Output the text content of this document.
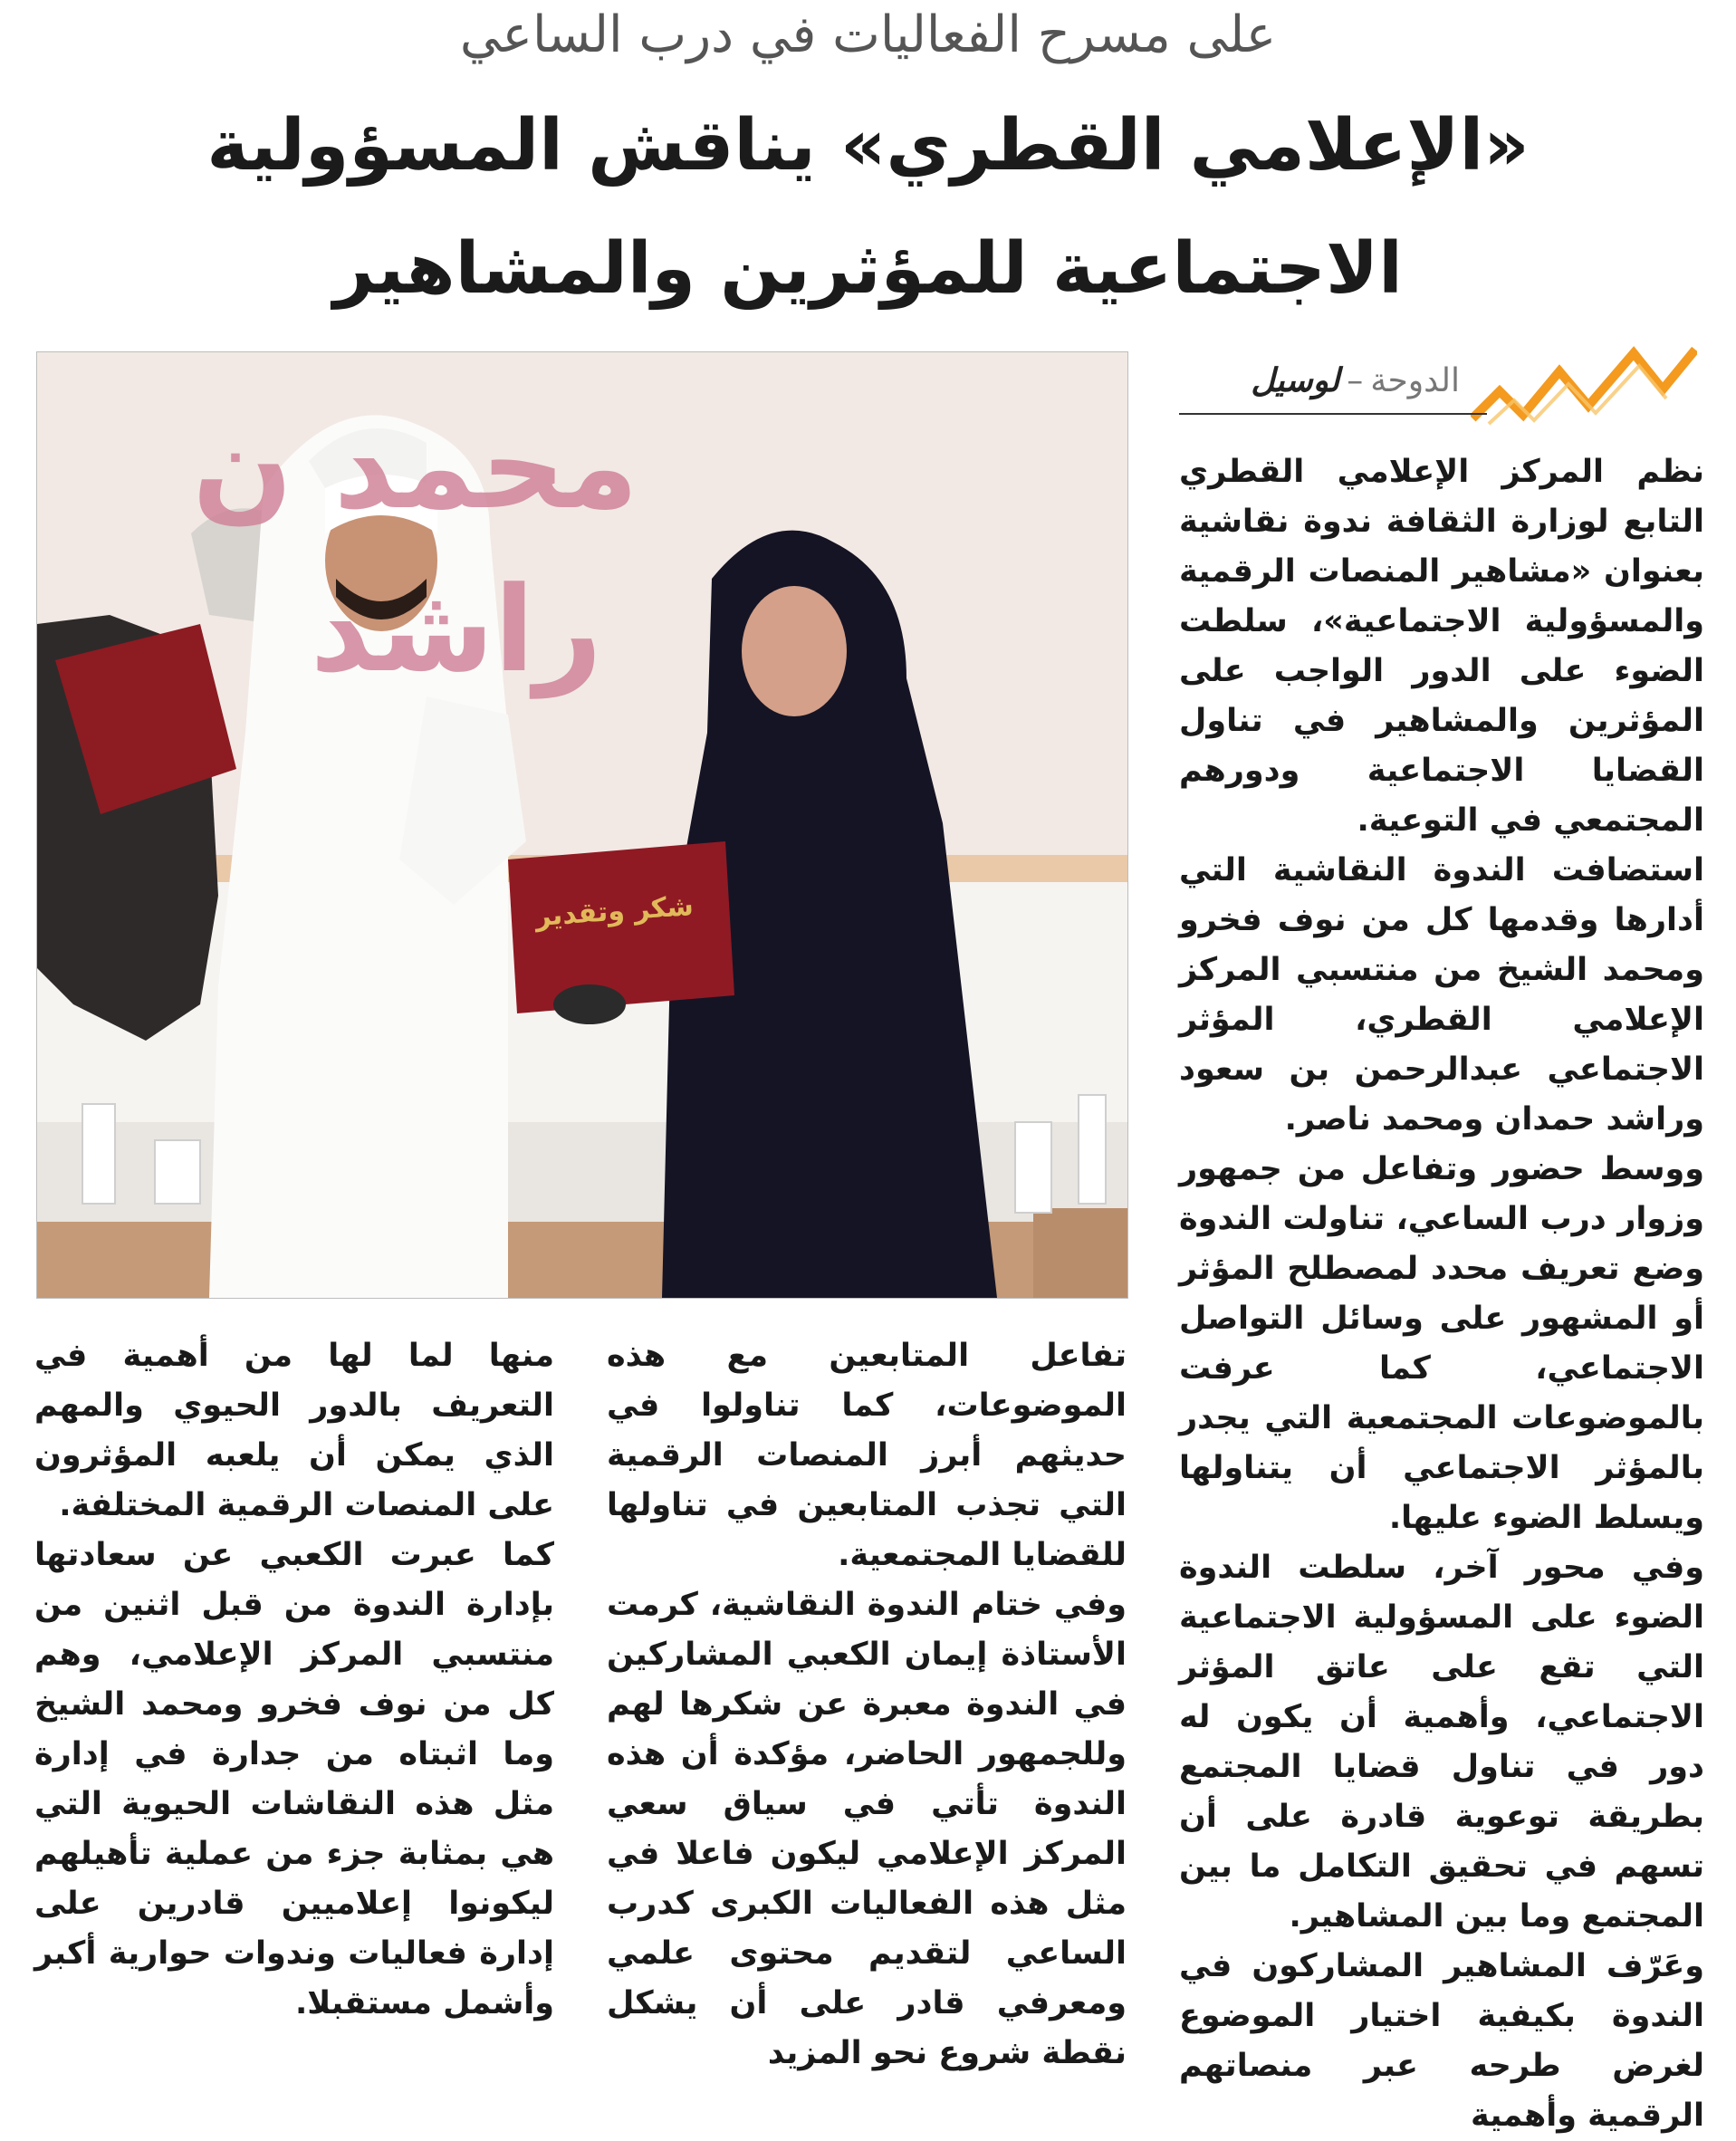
على مسرح الفعاليات في درب الساعي
«الإعلامي القطري» يناقش المسؤولية
الاجتماعية للمؤثرين والمشاهير
الدوحة–لوسيل
محمد ن
راشد
شكر وتقدير

نظم المركز الإعلامي القطري التابع لوزارة الثقافة ندوة نقاشية بعنوان «مشاهير المنصات الرقمية والمسؤولية الاجتماعية»، سلطت الضوء على الدور الواجب على المؤثرين والمشاهير في تناول القضايا الاجتماعية ودورهم المجتمعي في التوعية.

استضافت الندوة النقاشية التي أدارها وقدمها كل من نوف فخرو ومحمد الشيخ من منتسبي المركز الإعلامي القطري، المؤثر الاجتماعي عبدالرحمن بن سعود وراشد حمدان ومحمد ناصر.

ووسط حضور وتفاعل من جمهور وزوار درب الساعي، تناولت الندوة وضع تعريف محدد لمصطلح المؤثر أو المشهور على وسائل التواصل الاجتماعي، كما عرفت بالموضوعات المجتمعية التي يجدر بالمؤثر الاجتماعي أن يتناولها ويسلط الضوء عليها.

وفي محور آخر، سلطت الندوة الضوء على المسؤولية الاجتماعية التي تقع على عاتق المؤثر الاجتماعي، وأهمية أن يكون له دور في تناول قضايا المجتمع بطريقة توعوية قادرة على أن تسهم في تحقيق التكامل ما بين المجتمع وما بين المشاهير.

وعَرّف المشاهير المشاركون في الندوة بكيفية اختيار الموضوع لغرض طرحه عبر منصاتهم الرقمية وأهمية

تفاعل المتابعين مع هذه الموضوعات، كما تناولوا في حديثهم أبرز المنصات الرقمية التي تجذب المتابعين في تناولها للقضايا المجتمعية.

وفي ختام الندوة النقاشية، كرمت الأستاذة إيمان الكعبي المشاركين في الندوة معبرة عن شكرها لهم وللجمهور الحاضر، مؤكدة أن هذه الندوة تأتي في سياق سعي المركز الإعلامي ليكون فاعلا في مثل هذه الفعاليات الكبرى كدرب الساعي لتقديم محتوى علمي ومعرفي قادر على أن يشكل نقطة شروع نحو المزيد

منها لما لها من أهمية في التعريف بالدور الحيوي والمهم الذي يمكن أن يلعبه المؤثرون على المنصات الرقمية المختلفة.

كما عبرت الكعبي عن سعادتها بإدارة الندوة من قبل اثنين من منتسبي المركز الإعلامي، وهم كل من نوف فخرو ومحمد الشيخ وما اثبتاه من جدارة في إدارة مثل هذه النقاشات الحيوية التي هي بمثابة جزء من عملية تأهيلهم ليكونوا إعلاميين قادرين على إدارة فعاليات وندوات حوارية أكبر وأشمل مستقبلا.
